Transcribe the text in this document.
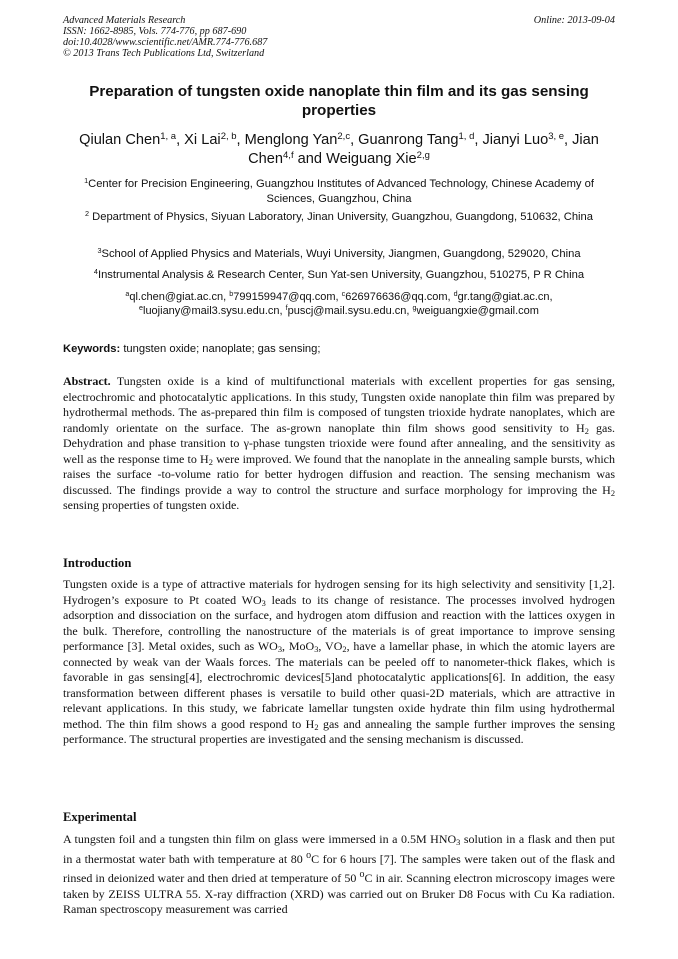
Advanced Materials Research
ISSN: 1662-8985, Vols. 774-776, pp 687-690
doi:10.4028/www.scientific.net/AMR.774-776.687
© 2013 Trans Tech Publications Ltd, Switzerland
Online: 2013-09-04
Preparation of tungsten oxide nanoplate thin film and its gas sensing properties
Qiulan Chen$^{1, a}$, Xi Lai$^{2, b}$, Menglong Yan$^{2,c}$, Guanrong Tang$^{1, d}$, Jianyi Luo$^{3, e}$, Jian Chen$^{4,f}$ and Weiguang Xie$^{2,g}$
$^1$Center for Precision Engineering, Guangzhou Institutes of Advanced Technology, Chinese Academy of Sciences, Guangzhou, China
$^2$ Department of Physics, Siyuan Laboratory, Jinan University, Guangzhou, Guangdong, 510632, China
$^3$School of Applied Physics and Materials, Wuyi University, Jiangmen, Guangdong, 529020, China
$^4$Instrumental Analysis & Research Center, Sun Yat-sen University, Guangzhou, 510275, P R China
$^a$ql.chen@giat.ac.cn, $^b$799159947@qq.com, $^c$626976636@qq.com, $^d$gr.tang@giat.ac.cn,
$^e$luojiany@mail3.sysu.edu.cn, $^f$puscj@mail.sysu.edu.cn, $^g$weiguangxie@gmail.com
Keywords: tungsten oxide; nanoplate; gas sensing;
Abstract. Tungsten oxide is a kind of multifunctional materials with excellent properties for gas sensing, electrochromic and photocatalytic applications. In this study, Tungsten oxide nanoplate thin film was prepared by hydrothermal methods. The as-prepared thin film is composed of tungsten trioxide hydrate nanoplates, which are randomly orientate on the surface. The as-grown nanoplate thin film shows good sensitivity to $H_2$ gas. Dehydration and phase transition to γ-phase tungsten trioxide were found after annealing, and the sensitivity as well as the response time to $H_2$ were improved. We found that the nanoplate in the annealing sample bursts, which raises the surface -to-volume ratio for better hydrogen diffusion and reaction. The sensing mechanism was discussed. The findings provide a way to control the structure and surface morphology for improving the $H_2$ sensing properties of tungsten oxide.
Introduction
Tungsten oxide is a type of attractive materials for hydrogen sensing for its high selectivity and sensitivity [1,2]. Hydrogen’s exposure to Pt coated $WO_3$ leads to its change of resistance. The processes involved hydrogen adsorption and dissociation on the surface, and hydrogen atom diffusion and reaction with the lattices oxygen in the bulk. Therefore, controlling the nanostructure of the materials is of great importance to improve sensing performance [3]. Metal oxides, such as $WO_3$, MoO$_3$, $VO_2$, have a lamellar phase, in which the atomic layers are connected by weak van der Waals forces. The materials can be peeled off to nanometer-thick flakes, which is favorable in gas sensing[4], electrochromic devices[5]and photocatalytic applications[6]. In addition, the easy transformation between different phases is versatile to build other quasi-2D materials, which are attractive in relevant applications. In this study, we fabricate lamellar tungsten oxide hydrate thin film using hydrothermal method. The thin film shows a good respond to $H_2$ gas and annealing the sample further improves the sensing performance. The structural properties are investigated and the sensing mechanism is discussed.
Experimental
A tungsten foil and a tungsten thin film on glass were immersed in a 0.5M $HNO_3$ solution in a flask and then put in a thermostat water bath with temperature at 80 $^o$C for 6 hours [7]. The samples were taken out of the flask and rinsed in deionized water and then dried at temperature of 50 $^o$C in air. Scanning electron microscopy images were taken by ZEISS ULTRA 55. X-ray diffraction (XRD) was carried out on Bruker D8 Focus with Cu Ka radiation. Raman spectroscopy measurement was carried
